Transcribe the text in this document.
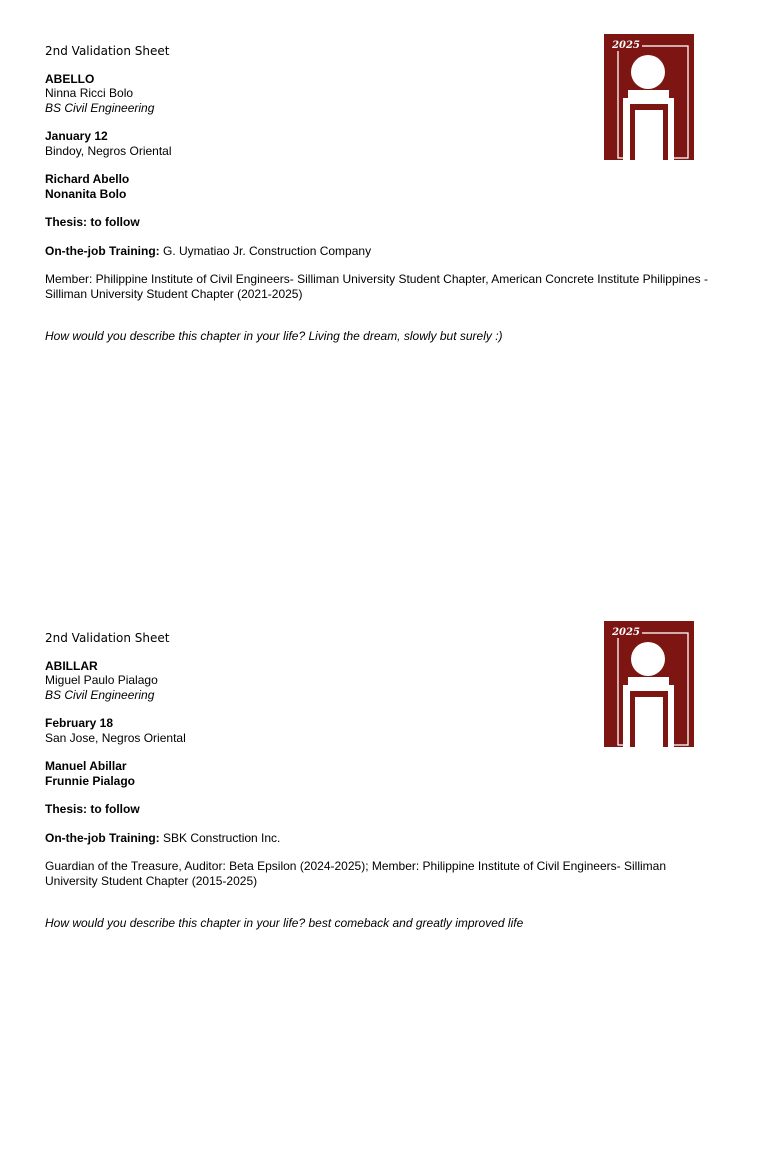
2nd Validation Sheet
ABELLO
Ninna Ricci Bolo
BS Civil Engineering
January 12
Bindoy, Negros Oriental
Richard Abello
Nonanita Bolo
Thesis: to follow
On-the-job Training: G. Uymatiao Jr. Construction Company
Member: Philippine Institute of Civil Engineers- Silliman University Student Chapter, American Concrete Institute Philippines - Silliman University Student Chapter (2021-2025)
How would you describe this chapter in your life? Living the dream, slowly but surely :)
2025
2nd Validation Sheet
ABILLAR
Miguel Paulo Pialago
BS Civil Engineering
February 18
San Jose, Negros Oriental
Manuel Abillar
Frunnie Pialago
Thesis: to follow
On-the-job Training: SBK Construction Inc.
Guardian of the Treasure, Auditor: Beta Epsilon (2024-2025); Member: Philippine Institute of Civil Engineers- Silliman University Student Chapter (2015-2025)
How would you describe this chapter in your life? best comeback and greatly improved life
2025
